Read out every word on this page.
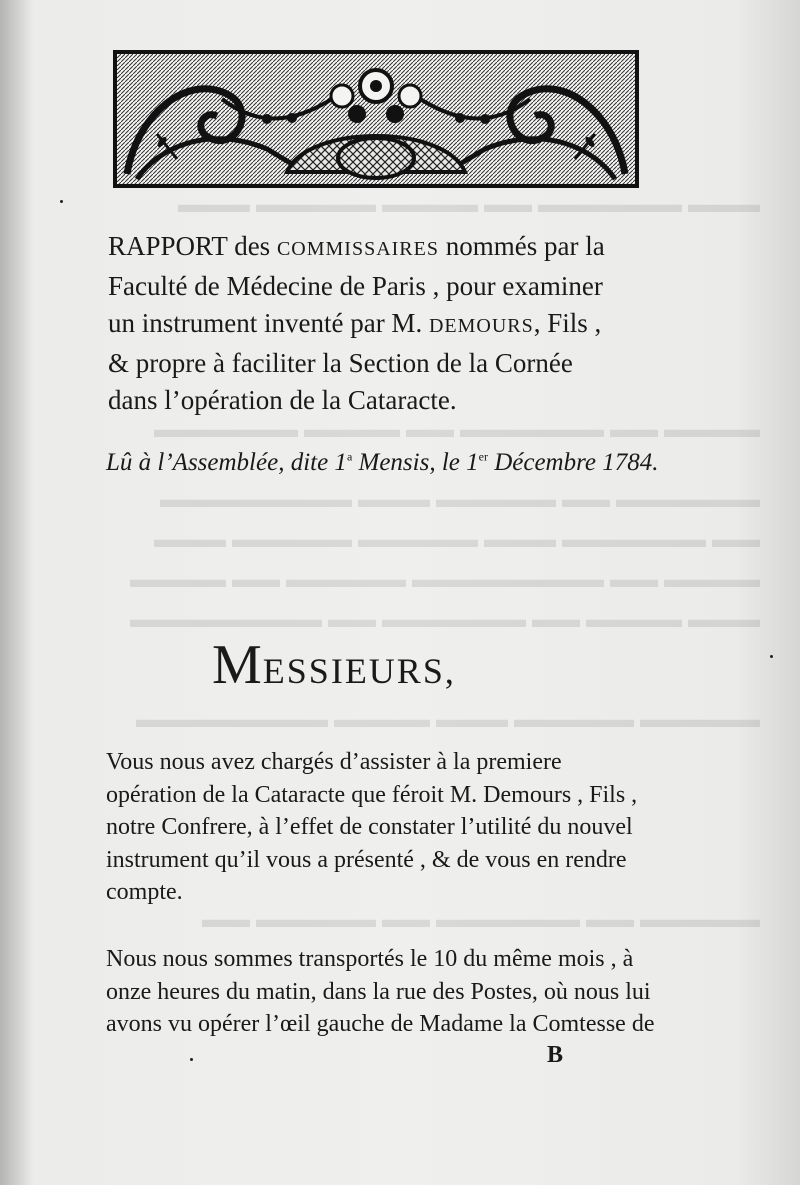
▬▬▬ ▬▬▬▬▬▬ ▬▬ ▬▬▬▬ ▬▬▬▬▬ ▬▬▬
▬▬▬▬ ▬▬ ▬▬▬▬▬▬ ▬▬ ▬▬▬▬ ▬▬▬▬▬▬
▬▬▬▬▬▬ ▬▬ ▬▬▬▬▬ ▬▬▬ ▬▬▬▬▬▬▬▬
▬▬ ▬▬▬▬▬▬ ▬▬▬ ▬▬▬▬▬ ▬▬▬▬▬ ▬▬▬
▬▬▬▬ ▬▬ ▬▬▬▬▬▬▬▬ ▬▬▬▬▬ ▬▬ ▬▬▬▬
▬▬▬ ▬▬▬▬ ▬▬ ▬▬▬▬▬▬ ▬▬ ▬▬▬▬▬▬▬▬
▬▬▬▬▬ ▬▬▬▬▬ ▬▬▬ ▬▬▬▬ ▬▬▬▬▬▬▬▬
▬▬▬▬▬ ▬▬ ▬▬▬▬▬▬ ▬▬ ▬▬▬▬▬ ▬▬
RAPPORT des COMMISSAIRES nommés par la
Faculté de Médecine de Paris , pour examiner
un instrument inventé par M. DEMOURS, Fils ,
& propre à faciliter la Section de la Cornée
dans l’opération de la Cataracte.
Lû à l’Assemblée, dite 1$^a$ Mensis, le 1er Décembre 1784.
MESSIEURS,
Vous nous avez chargés d’assister à la premiere
opération de la Cataracte que féroit M. Demours , Fils ,
notre Confrere, à l’effet de constater l’utilité du nouvel
instrument qu’il vous a présenté , & de vous en rendre
compte.
Nous nous sommes transportés le 10 du même mois , à
onze heures du matin, dans la rue des Postes, où nous lui
avons vu opérer l’œil gauche de Madame la Comtesse de
B
